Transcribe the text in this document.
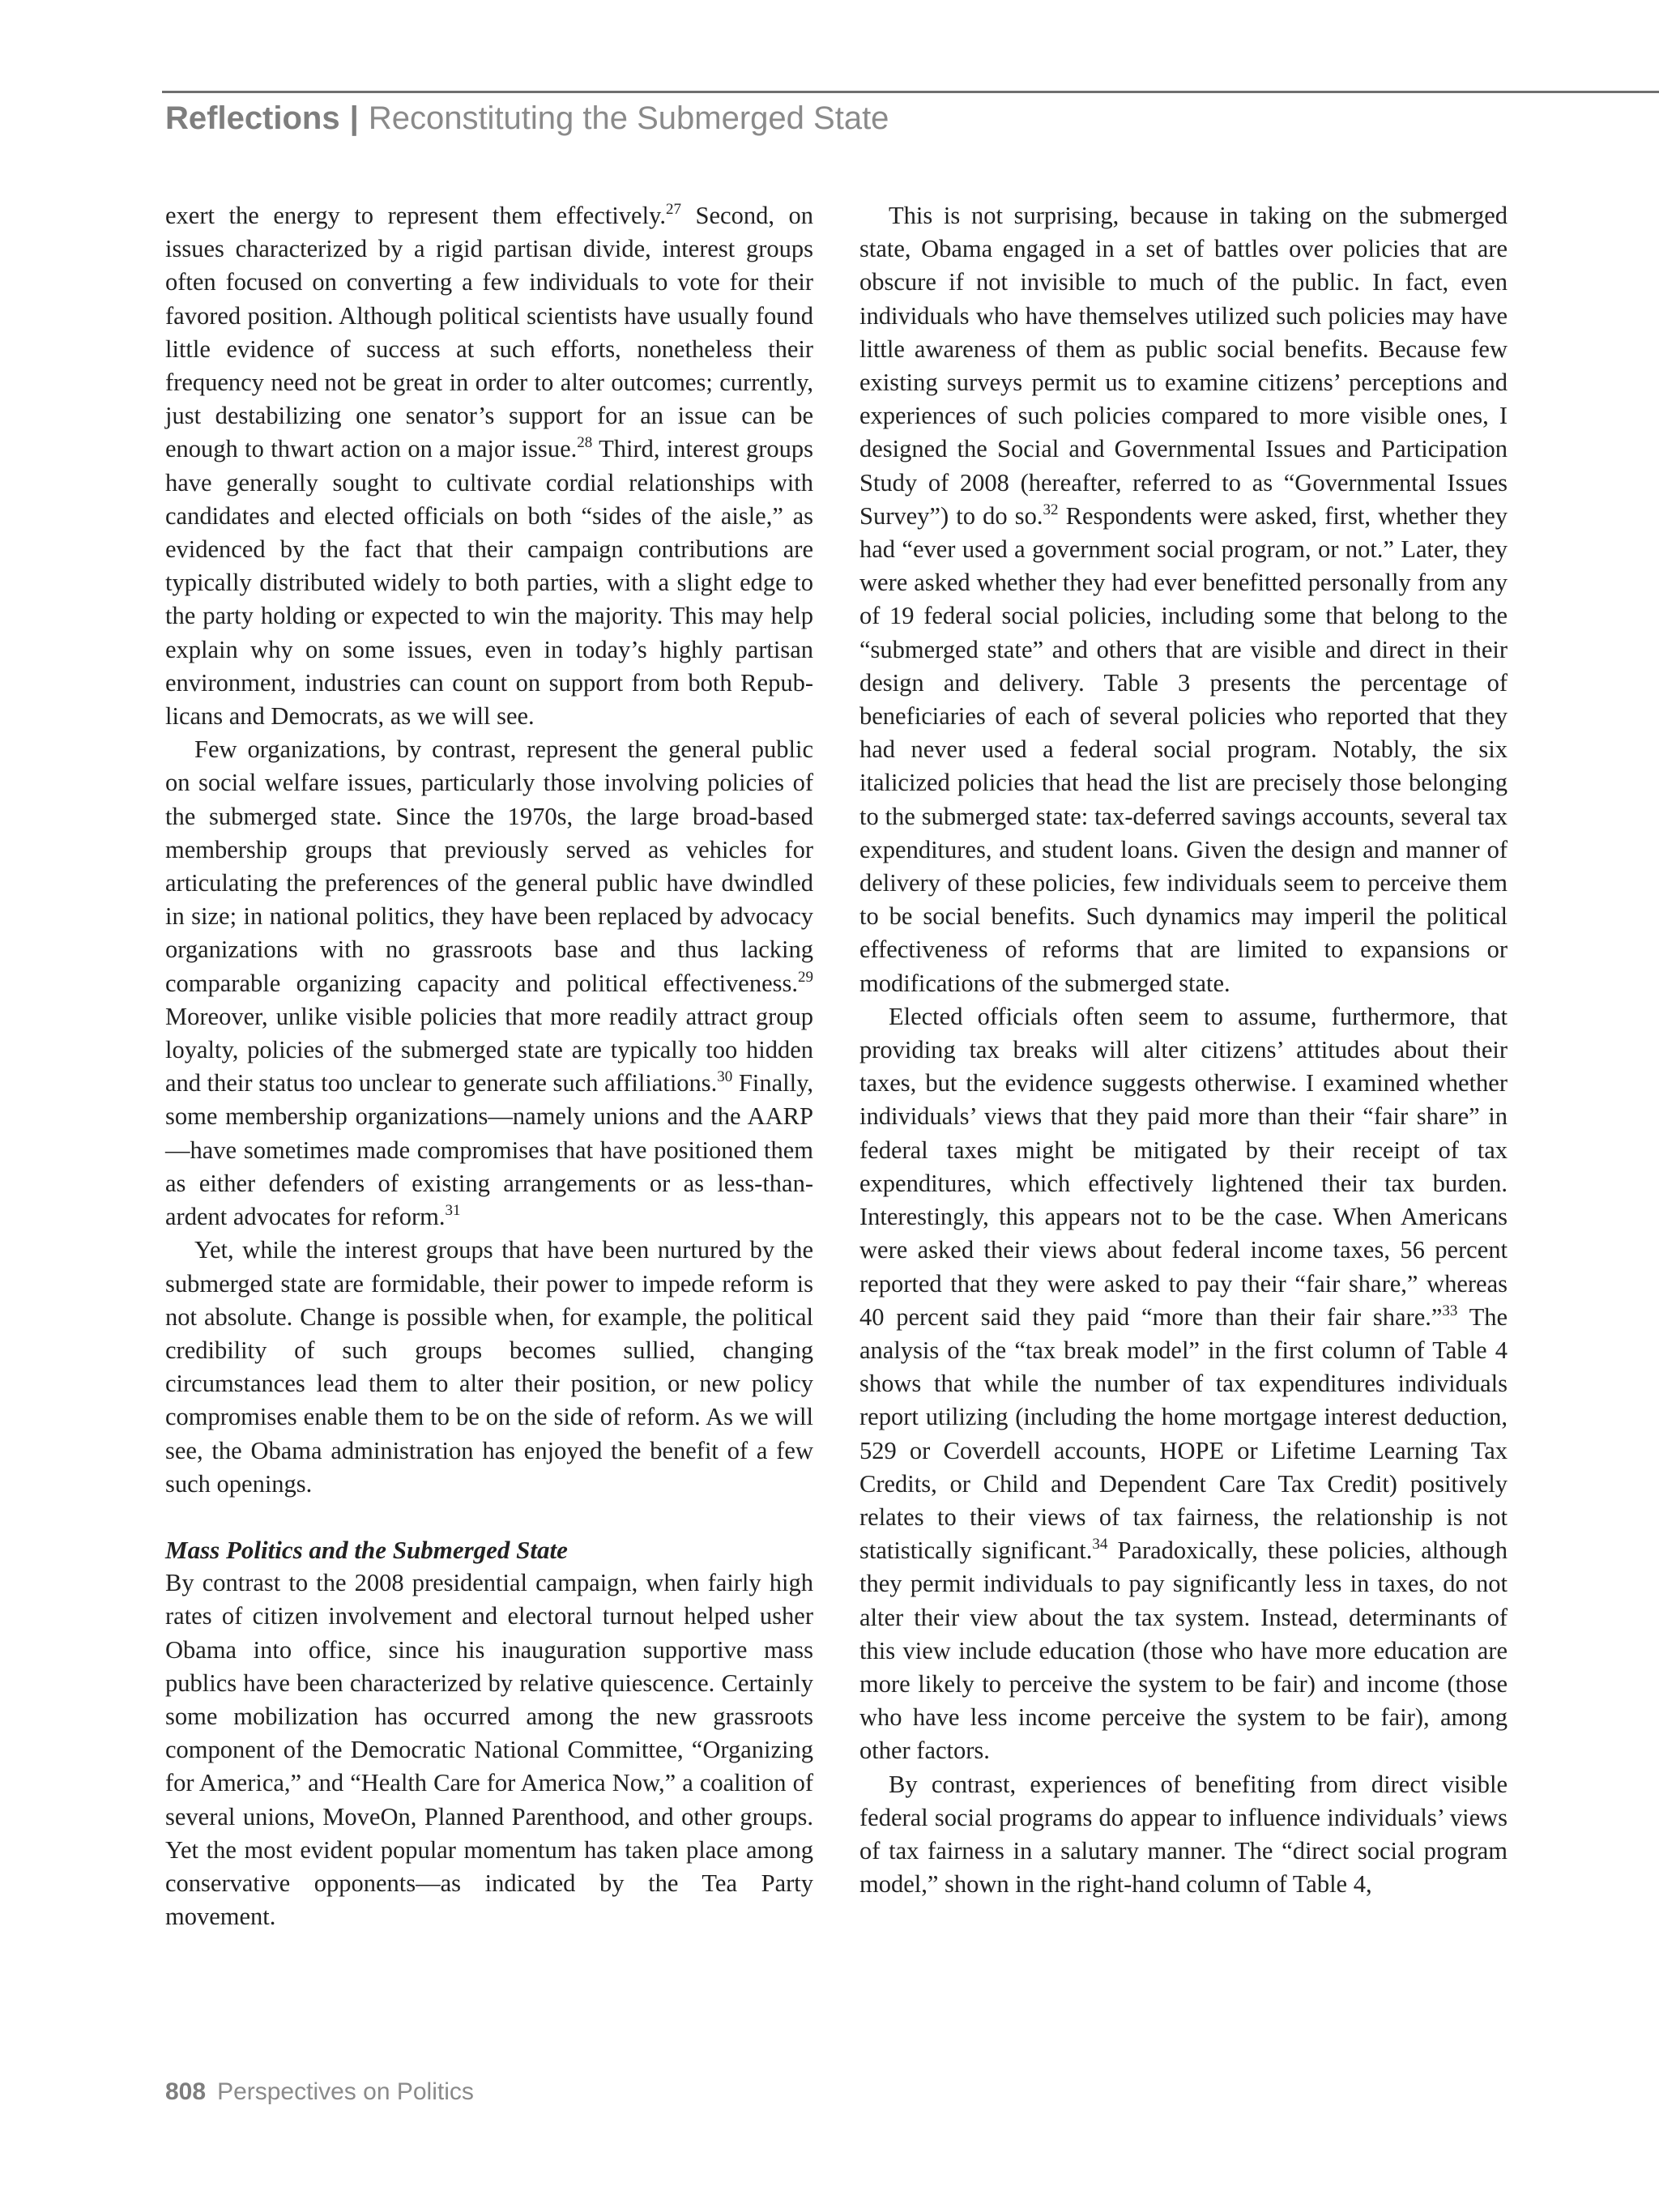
Reflections | Reconstituting the Submerged State

exert the energy to represent them effectively.$^{27}$ Second, on issues characterized by a rigid partisan divide, interest groups often focused on converting a few individuals to vote for their favored position. Although political scientists have usually found little evidence of success at such efforts, nonetheless their frequency need not be great in order to alter outcomes; currently, just destabilizing one senator’s support for an issue can be enough to thwart action on a major issue.$^{28}$ Third, interest groups have generally sought to cultivate cordial relationships with candidates and elected officials on both “sides of the aisle,” as evidenced by the fact that their campaign contributions are typically distributed widely to both parties, with a slight edge to the party holding or expected to win the majority. This may help explain why on some issues, even in today’s highly partisan environment, industries can count on support from both Republicans and Democrats, as we will see.

Few organizations, by contrast, represent the general public on social welfare issues, particularly those involving policies of the submerged state. Since the 1970s, the large broad-based membership groups that previously served as vehicles for articulating the preferences of the general public have dwindled in size; in national politics, they have been replaced by advocacy organizations with no grassroots base and thus lacking comparable organizing capacity and political effectiveness.$^{29}$ Moreover, unlike visible policies that more readily attract group loyalty, policies of the submerged state are typically too hidden and their status too unclear to generate such affiliations.$^{30}$ Finally, some membership organizations—namely unions and the AARP—have sometimes made compromises that have positioned them as either defenders of existing arrangements or as less-than-ardent advocates for reform.$^{31}$

Yet, while the interest groups that have been nurtured by the submerged state are formidable, their power to impede reform is not absolute. Change is possible when, for example, the political credibility of such groups becomes sullied, changing circumstances lead them to alter their position, or new policy compromises enable them to be on the side of reform. As we will see, the Obama administration has enjoyed the benefit of a few such openings.

Mass Politics and the Submerged State

By contrast to the 2008 presidential campaign, when fairly high rates of citizen involvement and electoral turnout helped usher Obama into office, since his inauguration supportive mass publics have been characterized by relative quiescence. Certainly some mobilization has occurred among the new grassroots component of the Democratic National Committee, “Organizing for America,” and “Health Care for America Now,” a coalition of several unions, MoveOn, Planned Parenthood, and other groups. Yet the most evident popular momentum has taken place among conservative opponents—as indicated by the Tea Party movement.

This is not surprising, because in taking on the submerged state, Obama engaged in a set of battles over policies that are obscure if not invisible to much of the public. In fact, even individuals who have themselves utilized such policies may have little awareness of them as public social benefits. Because few existing surveys permit us to examine citizens’ perceptions and experiences of such policies compared to more visible ones, I designed the Social and Governmental Issues and Participation Study of 2008 (hereafter, referred to as “Governmental Issues Survey”) to do so.$^{32}$ Respondents were asked, first, whether they had “ever used a government social program, or not.” Later, they were asked whether they had ever benefitted personally from any of 19 federal social policies, including some that belong to the “submerged state” and others that are visible and direct in their design and delivery. Table 3 presents the percentage of beneficiaries of each of several policies who reported that they had never used a federal social program. Notably, the six italicized policies that head the list are precisely those belonging to the submerged state: tax-deferred savings accounts, several tax expenditures, and student loans. Given the design and manner of delivery of these policies, few individuals seem to perceive them to be social benefits. Such dynamics may imperil the political effectiveness of reforms that are limited to expansions or modifications of the submerged state.

Elected officials often seem to assume, furthermore, that providing tax breaks will alter citizens’ attitudes about their taxes, but the evidence suggests otherwise. I examined whether individuals’ views that they paid more than their “fair share” in federal taxes might be mitigated by their receipt of tax expenditures, which effectively lightened their tax burden. Interestingly, this appears not to be the case. When Americans were asked their views about federal income taxes, 56 percent reported that they were asked to pay their “fair share,” whereas 40 percent said they paid “more than their fair share.”$^{33}$ The analysis of the “tax break model” in the first column of Table 4 shows that while the number of tax expenditures individuals report utilizing (including the home mortgage interest deduction, 529 or Coverdell accounts, HOPE or Lifetime Learning Tax Credits, or Child and Dependent Care Tax Credit) positively relates to their views of tax fairness, the relationship is not statistically significant.$^{34}$ Paradoxically, these policies, although they permit individuals to pay significantly less in taxes, do not alter their view about the tax system. Instead, determinants of this view include education (those who have more education are more likely to perceive the system to be fair) and income (those who have less income perceive the system to be fair), among other factors.

By contrast, experiences of benefiting from direct visible federal social programs do appear to influence individuals’ views of tax fairness in a salutary manner. The “direct social program model,” shown in the right-hand column of Table 4,

808 Perspectives on Politics
